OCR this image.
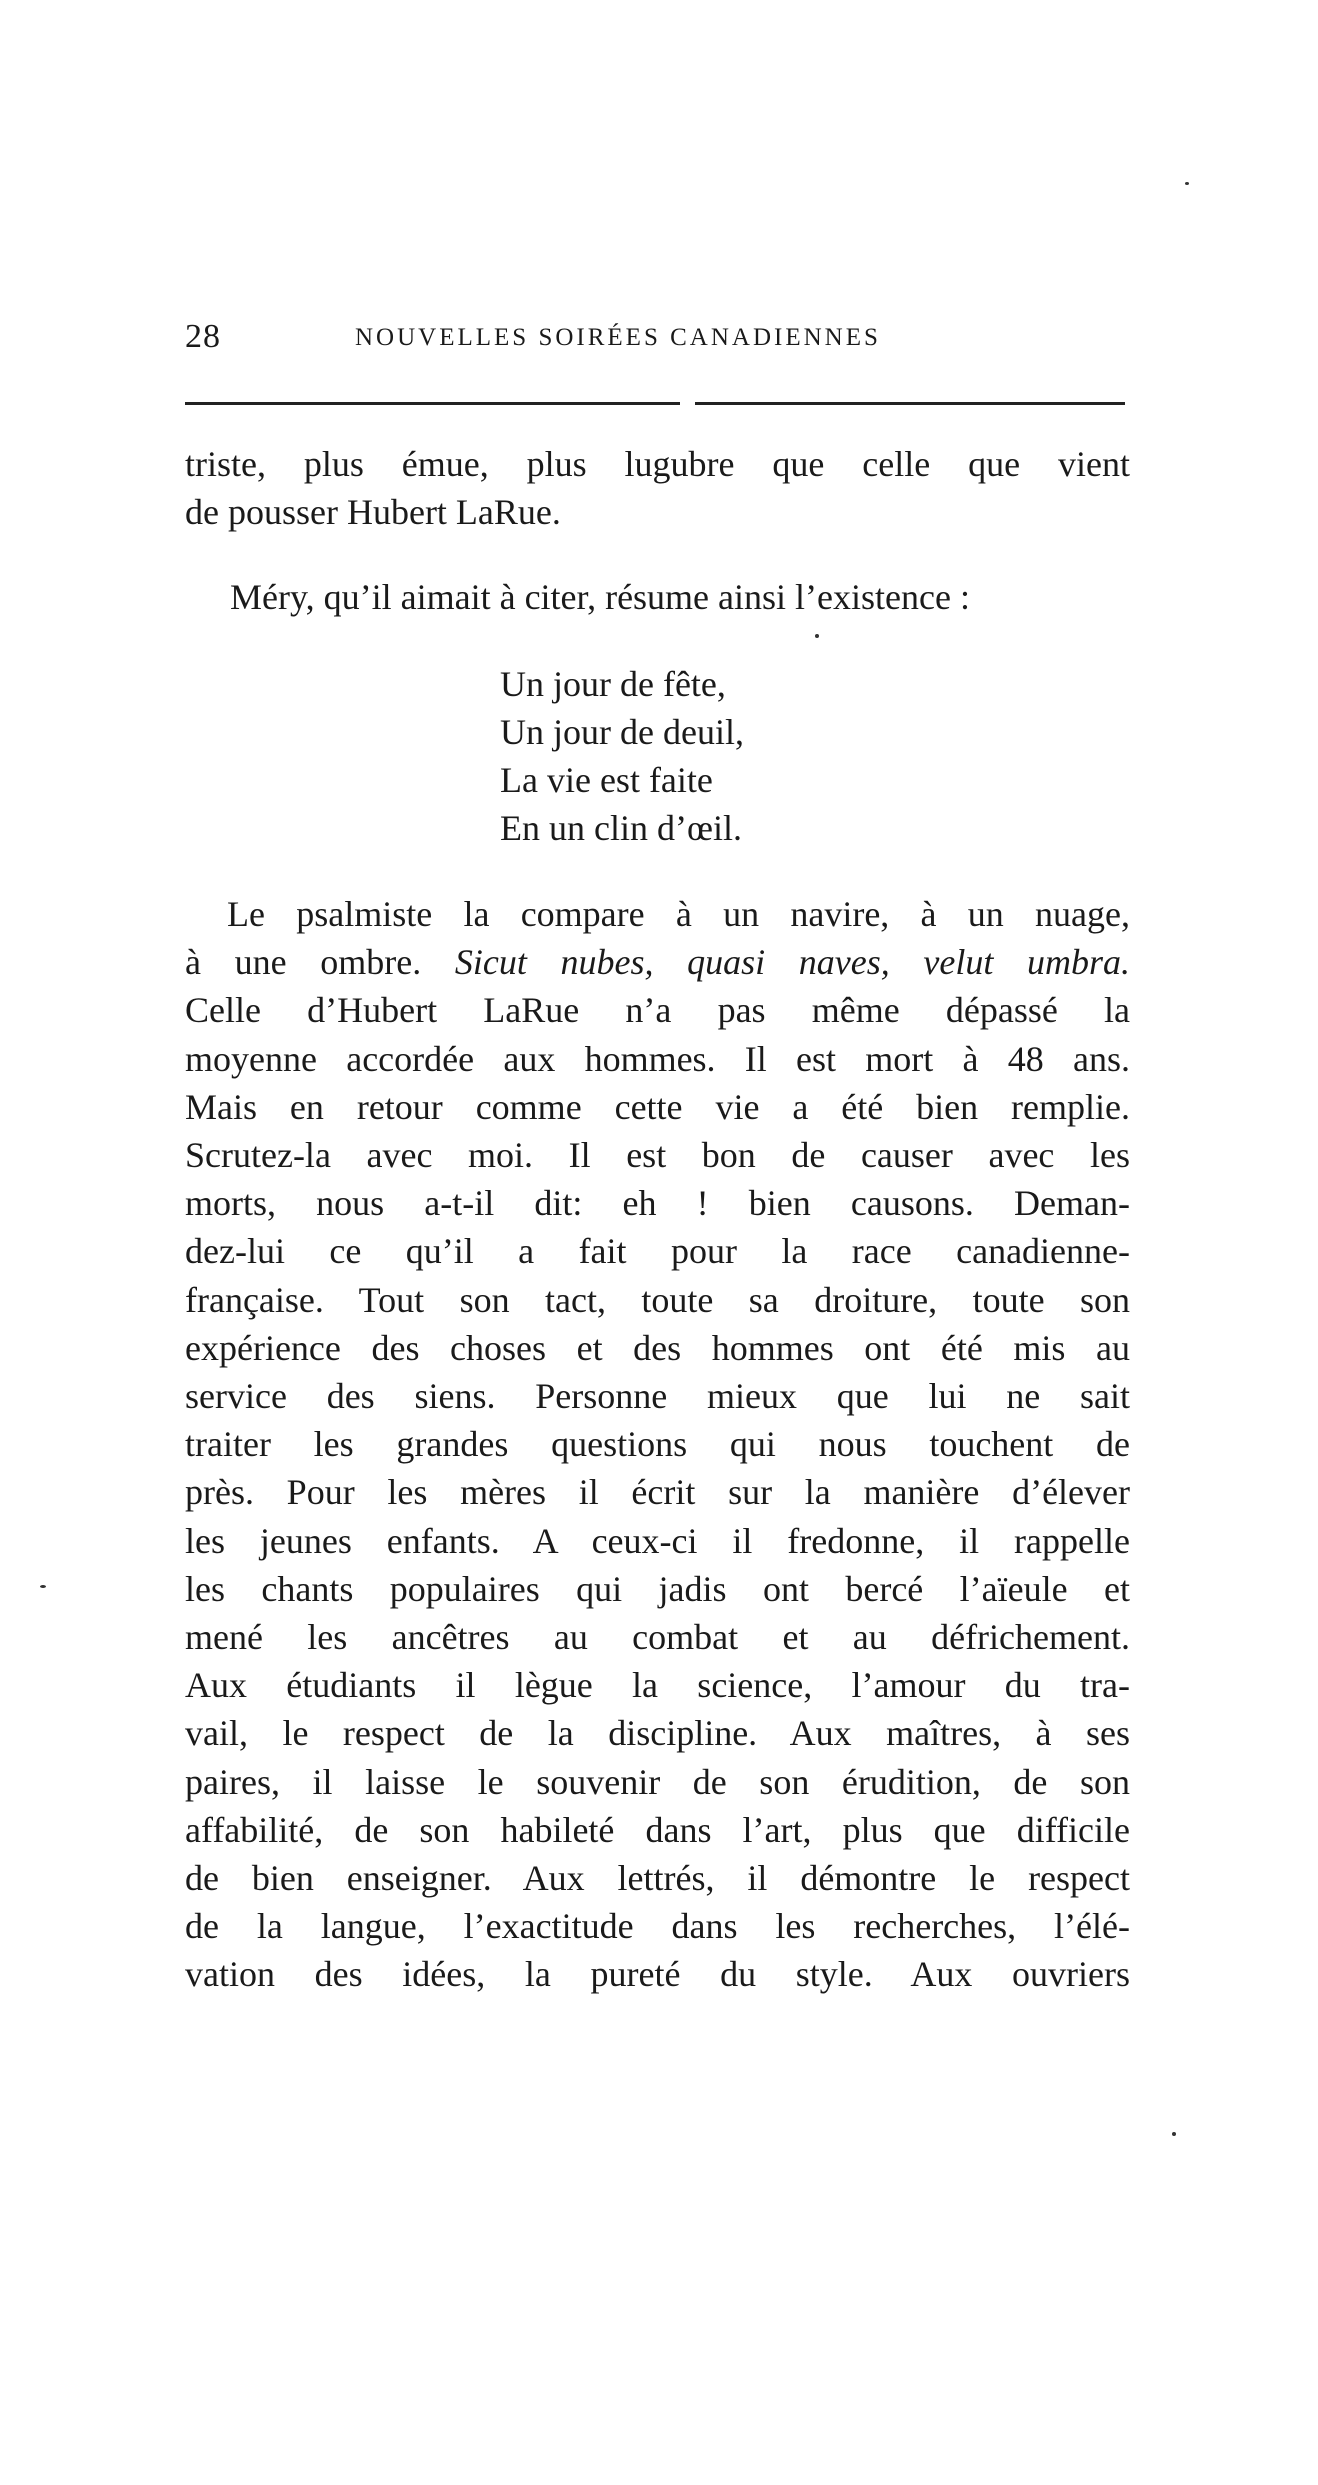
28	NOUVELLES SOIRÉES CANADIENNES
triste, plus émue, plus lugubre que celle que vient
de pousser Hubert LaRue.
Méry, qu’il aimait à citer, résume ainsi l’existence :
Un jour de fête,
Un jour de deuil,
La vie est faite
En un clin d’œil.
Le psalmiste la compare à un navire, à un nuage,
à une ombre. Sicut nubes, quasi naves, velut umbra.
Celle d’Hubert LaRue n’a pas même dépassé la
moyenne accordée aux hommes. Il est mort à 48 ans.
Mais en retour comme cette vie a été bien remplie.
Scrutez-la avec moi. Il est bon de causer avec les
morts, nous a-t-il dit: eh ! bien causons. Deman-
dez-lui ce qu’il a fait pour la race canadienne-
française. Tout son tact, toute sa droiture, toute son
expérience des choses et des hommes ont été mis au
service des siens. Personne mieux que lui ne sait
traiter les grandes questions qui nous touchent de
près. Pour les mères il écrit sur la manière d’élever
les jeunes enfants. A ceux-ci il fredonne, il rappelle
les chants populaires qui jadis ont bercé l’aïeule et
mené les ancêtres au combat et au défrichement.
Aux étudiants il lègue la science, l’amour du tra-
vail, le respect de la discipline. Aux maîtres, à ses
paires, il laisse le souvenir de son érudition, de son
affabilité, de son habileté dans l’art, plus que difficile
de bien enseigner. Aux lettrés, il démontre le respect
de la langue, l’exactitude dans les recherches, l’élé-
vation des idées, la pureté du style. Aux ouvriers
